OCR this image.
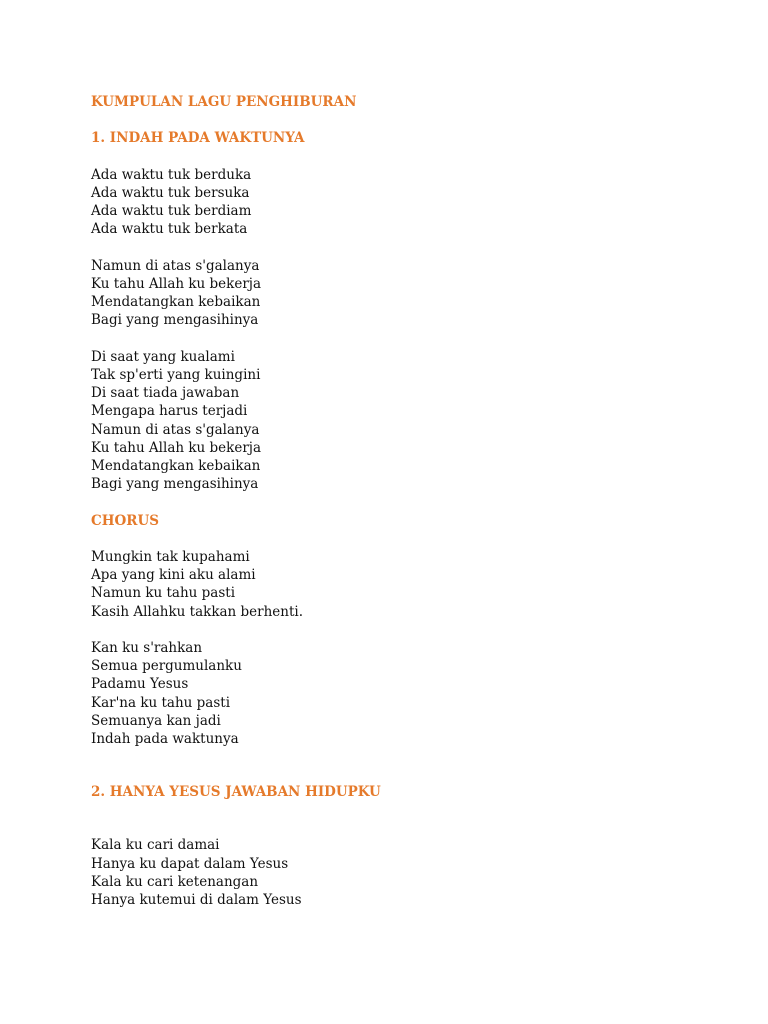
KUMPULAN LAGU PENGHIBURAN

1. INDAH PADA WAKTUNYA

Ada waktu tuk berduka

Ada waktu tuk bersuka

Ada waktu tuk berdiam

Ada waktu tuk berkata

Namun di atas s'galanya

Ku tahu Allah ku bekerja

Mendatangkan kebaikan

Bagi yang mengasihinya

Di saat yang kualami

Tak sp'erti yang kuingini

Di saat tiada jawaban

Mengapa harus terjadi

Namun di atas s'galanya

Ku tahu Allah ku bekerja

Mendatangkan kebaikan

Bagi yang mengasihinya

CHORUS

Mungkin tak kupahami

Apa yang kini aku alami

Namun ku tahu pasti

Kasih Allahku takkan berhenti.

Kan ku s'rahkan

Semua pergumulanku

Padamu Yesus

Kar'na ku tahu pasti

Semuanya kan jadi

Indah pada waktunya

2. HANYA YESUS JAWABAN HIDUPKU

Kala ku cari damai

Hanya ku dapat dalam Yesus

Kala ku cari ketenangan

Hanya kutemui di dalam Yesus
